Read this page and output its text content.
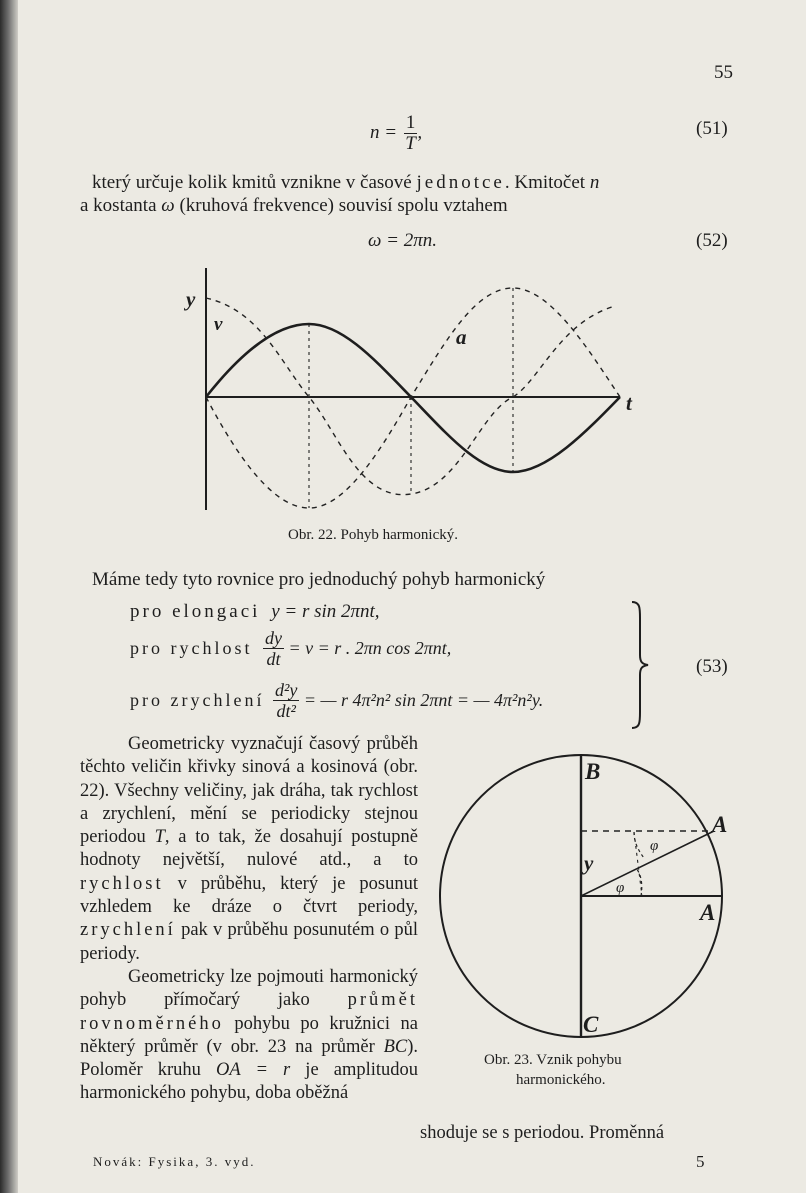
55
$n = \frac{1}{T}$ ,	(51)
který určuje kolik kmitů vznikne v časové jednotce. Kmitočet n
a kostanta ω (kruhová frekvence) souvisí spolu vztahem
ω = 2πn.	(52)
y
v
a
t
Obr. 22. Pohyb harmonický.
Máme tedy tyto rovnice pro jednoduchý pohyb harmonický
pro elongaci y = r sin 2πnt,
pro rychlost $\frac{dy}{dt} = v = r$ . 2πn cos 2πnt,
pro zrychlení $\frac{\text{d²y}}{\text{dt²}}$ = — r 4π²n² sin 2πnt = — 4π²n²y.
(53)

Geometricky vyznačují časový průběh těchto veličin křivky sinová a kosinová (obr. 22). Všechny veličiny, jak dráha, tak rychlost a zrychlení, mění se periodicky stejnou periodou T, a to tak, že dosahují postupně hodnoty největší, nulové atd., a to rychlost v průběhu, který je posunut vzhledem ke dráze o čtvrt periody, zrychlení pak v průběhu posunutém o půl periody.

Geometricky lze pojmouti harmonický pohyb přímočarý jako průmět rovnoměrného pohybu po kružnici na některý průměr (v obr. 23 na průměr BC). Poloměr kruhu OA = r je amplitudou harmonického pohybu, doba oběžná

shoduje se s periodou. Proměnná
B
A
A
C
y
φ
φ
Obr. 23. Vznik pohybu
harmonického.
Novák: Fysika, 3. vyd.	5
